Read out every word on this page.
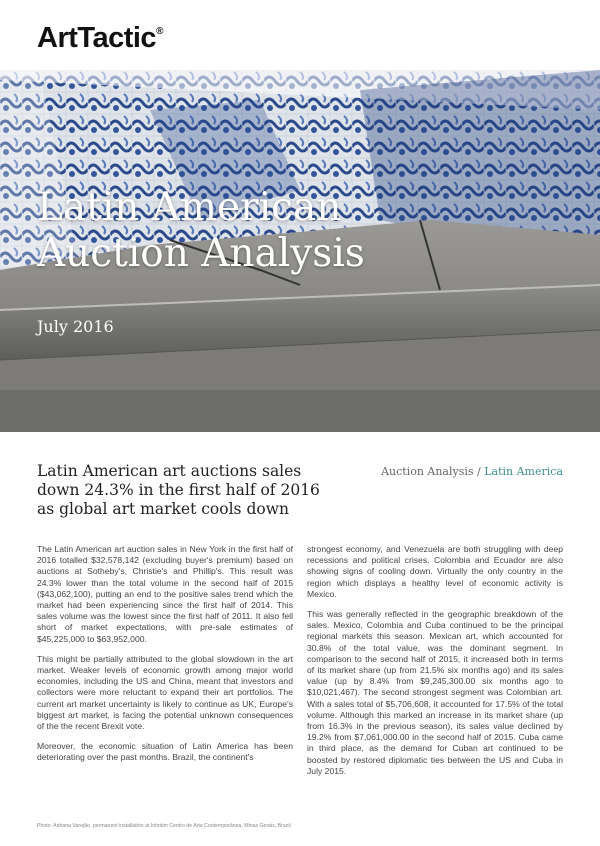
ArtTactic®
Latin American
Auction Analysis
July 2016
Latin American art auctions sales down 24.3% in the first half of 2016 as global art market cools down
Auction Analysis / Latin America

The Latin American art auction sales in New York in the first half of 2016 totalled $32,578,142 (excluding buyer's premium) based on auctions at Sotheby's, Christie's and Phillip's. This result was 24.3% lower than the total volume in the second half of 2015 ($43,062,100), putting an end to the positive sales trend which the market had been experiencing since the first half of 2014. This sales volume was the lowest since the first half of 2011. It also fell short of market expectations, with pre-sale estimates of $45,225,000 to $63,952,000.

This might be partially attributed to the global slowdown in the art market. Weaker levels of economic growth among major world economies, including the US and China, meant that investors and collectors were more reluctant to expand their art portfolios. The current art market uncertainty is likely to continue as UK, Europe's biggest art market, is facing the potential unknown consequences of the the recent Brexit vote.

Moreover, the economic situation of Latin America has been deteriorating over the past months. Brazil, the continent's

strongest economy, and Venezuela are both struggling with deep recessions and political crises. Colombia and Ecuador are also showing signs of cooling down. Virtually the only country in the region which displays a healthy level of economic activity is Mexico.

This was generally reflected in the geographic breakdown of the sales. Mexico, Colombia and Cuba continued to be the principal regional markets this season. Mexican art, which accounted for 30.8% of the total value, was the dominant segment. In comparison to the second half of 2015, it increased both in terms of its market share (up from 21.5% six months ago) and its sales value (up by 8.4% from $9,245,300.00 six months ago to $10,021,467). The second strongest segment was Colombian art. With a sales total of $5,706,608, it accounted for 17.5% of the total volume. Although this marked an increase in its market share (up from 16.3% in the previous season), its sales value declined by 19.2% from $7,061,000.00 in the second half of 2015. Cuba came in third place, as the demand for Cuban art continued to be boosted by restored diplomatic ties between the US and Cuba in July 2015.

Photo: Adriana Varejão, permanent installation at Inhotim Centro de Arte Contemporânea, Minas Gerais, Brazil
